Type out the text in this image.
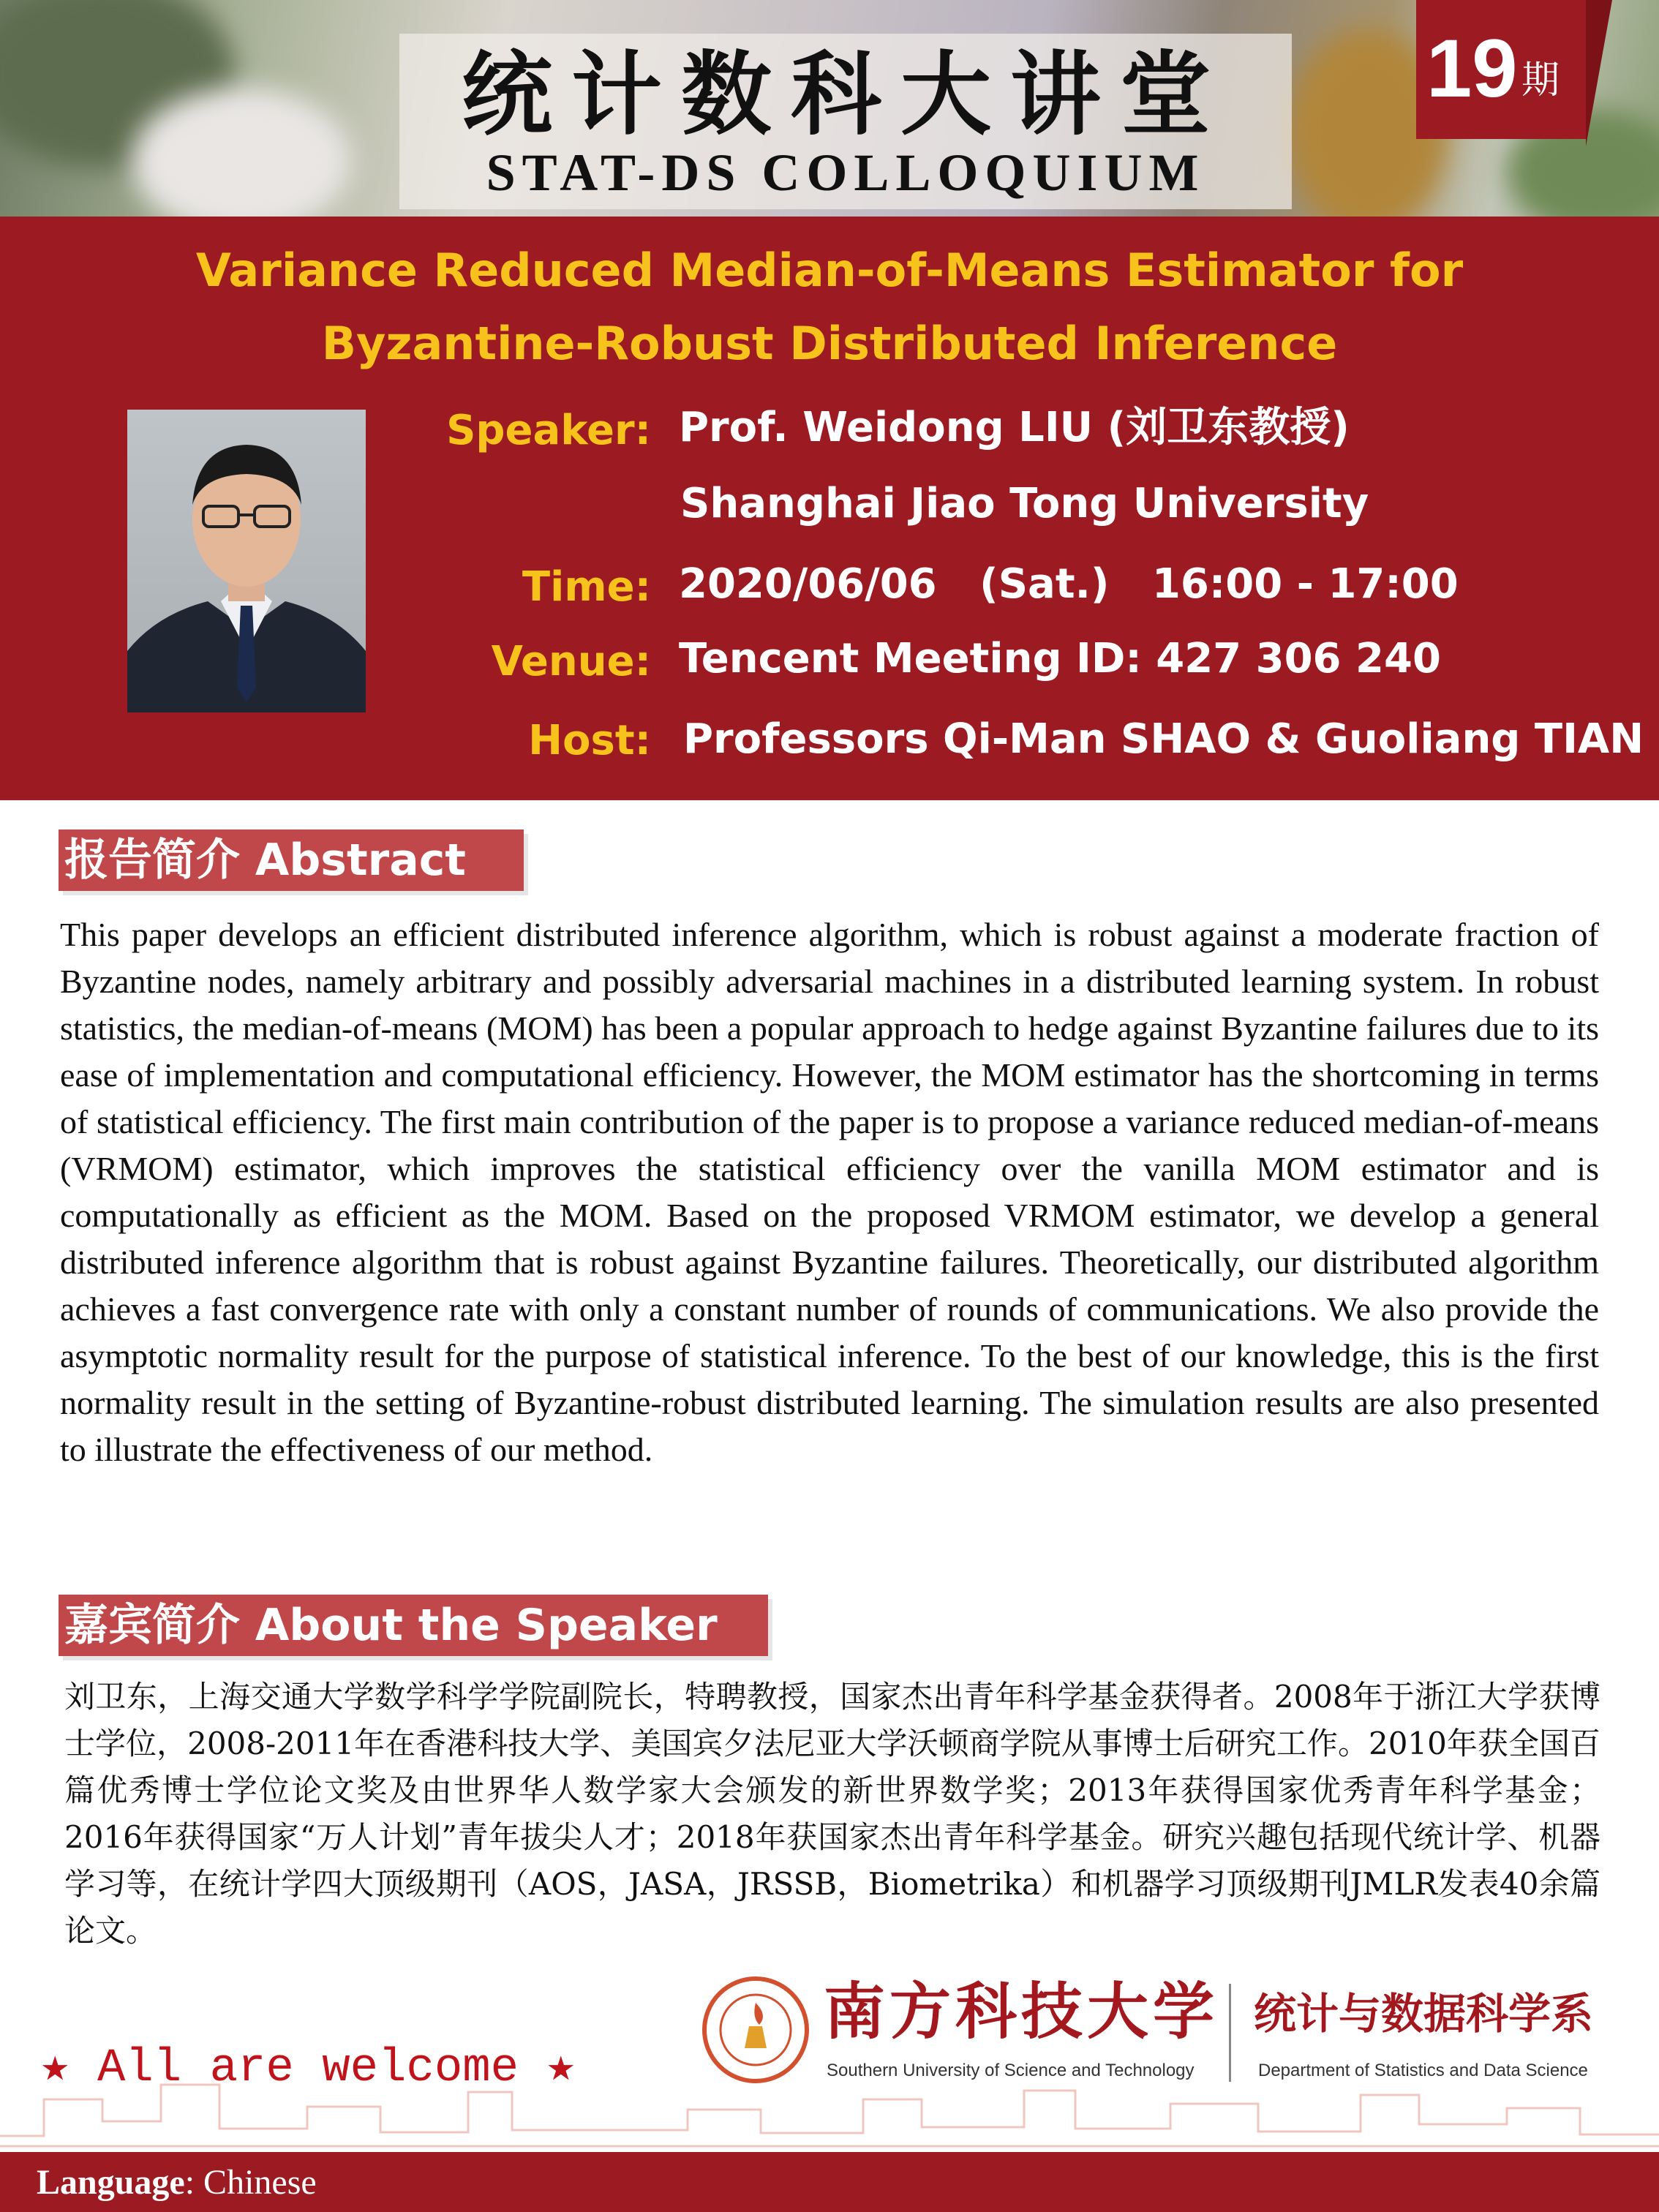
统计数科大讲堂
STAT-DS COLLOQUIUM
19 期
Variance Reduced Median-of-Means Estimator for
Byzantine-Robust Distributed Inference
Speaker: Prof. Weidong LIU (刘卫东教授)
Shanghai Jiao Tong University
Time: 2020/06/06   (Sat.)   16:00 - 17:00
Venue: Tencent Meeting ID: 427 306 240
Host: Professors Qi-Man SHAO & Guoliang TIAN
报告简介 Abstract

This paper develops an efficient distributed inference algorithm, which is robust against a moderate fraction of Byzantine nodes, namely arbitrary and possibly adversarial machines in a distributed learning system. In robust statistics, the median-of-means (MOM) has been a popular approach to hedge against Byzantine failures due to its ease of implementation and computational efficiency. However, the MOM estimator has the shortcoming in terms of statistical efficiency. The first main contribution of the paper is to propose a variance reduced median-of-means (VRMOM) estimator, which improves the statistical efficiency over the vanilla MOM estimator and is computationally as efficient as the MOM. Based on the proposed VRMOM estimator, we develop a general distributed inference algorithm that is robust against Byzantine failures. Theoretically, our distributed algorithm achieves a fast convergence rate with only a constant number of rounds of communications. We also provide the asymptotic normality result for the purpose of statistical inference. To the best of our knowledge, this is the first normality result in the setting of Byzantine-robust distributed learning. The simulation results are also presented to illustrate the effectiveness of our method.

嘉宾简介 About the Speaker

刘卫东，上海交通大学数学科学学院副院长，特聘教授，国家杰出青年科学基金获得者。2008年于浙江大学获博士学位，2008-2011年在香港科技大学、美国宾夕法尼亚大学沃顿商学院从事博士后研究工作。2010年获全国百篇优秀博士学位论文奖及由世界华人数学家大会颁发的新世界数学奖；2013年获得国家优秀青年科学基金；2016年获得国家“万人计划”青年拔尖人才；2018年获国家杰出青年科学基金。研究兴趣包括现代统计学、机器学习等，在统计学四大顶级期刊（AOS，JASA，JRSSB，Biometrika）和机器学习顶级期刊JMLR发表40余篇论文。

★ All are welcome ★
南方科技大学
Southern University of Science and Technology
统计与数据科学系
Department of Statistics and Data Science
Language: Chinese
